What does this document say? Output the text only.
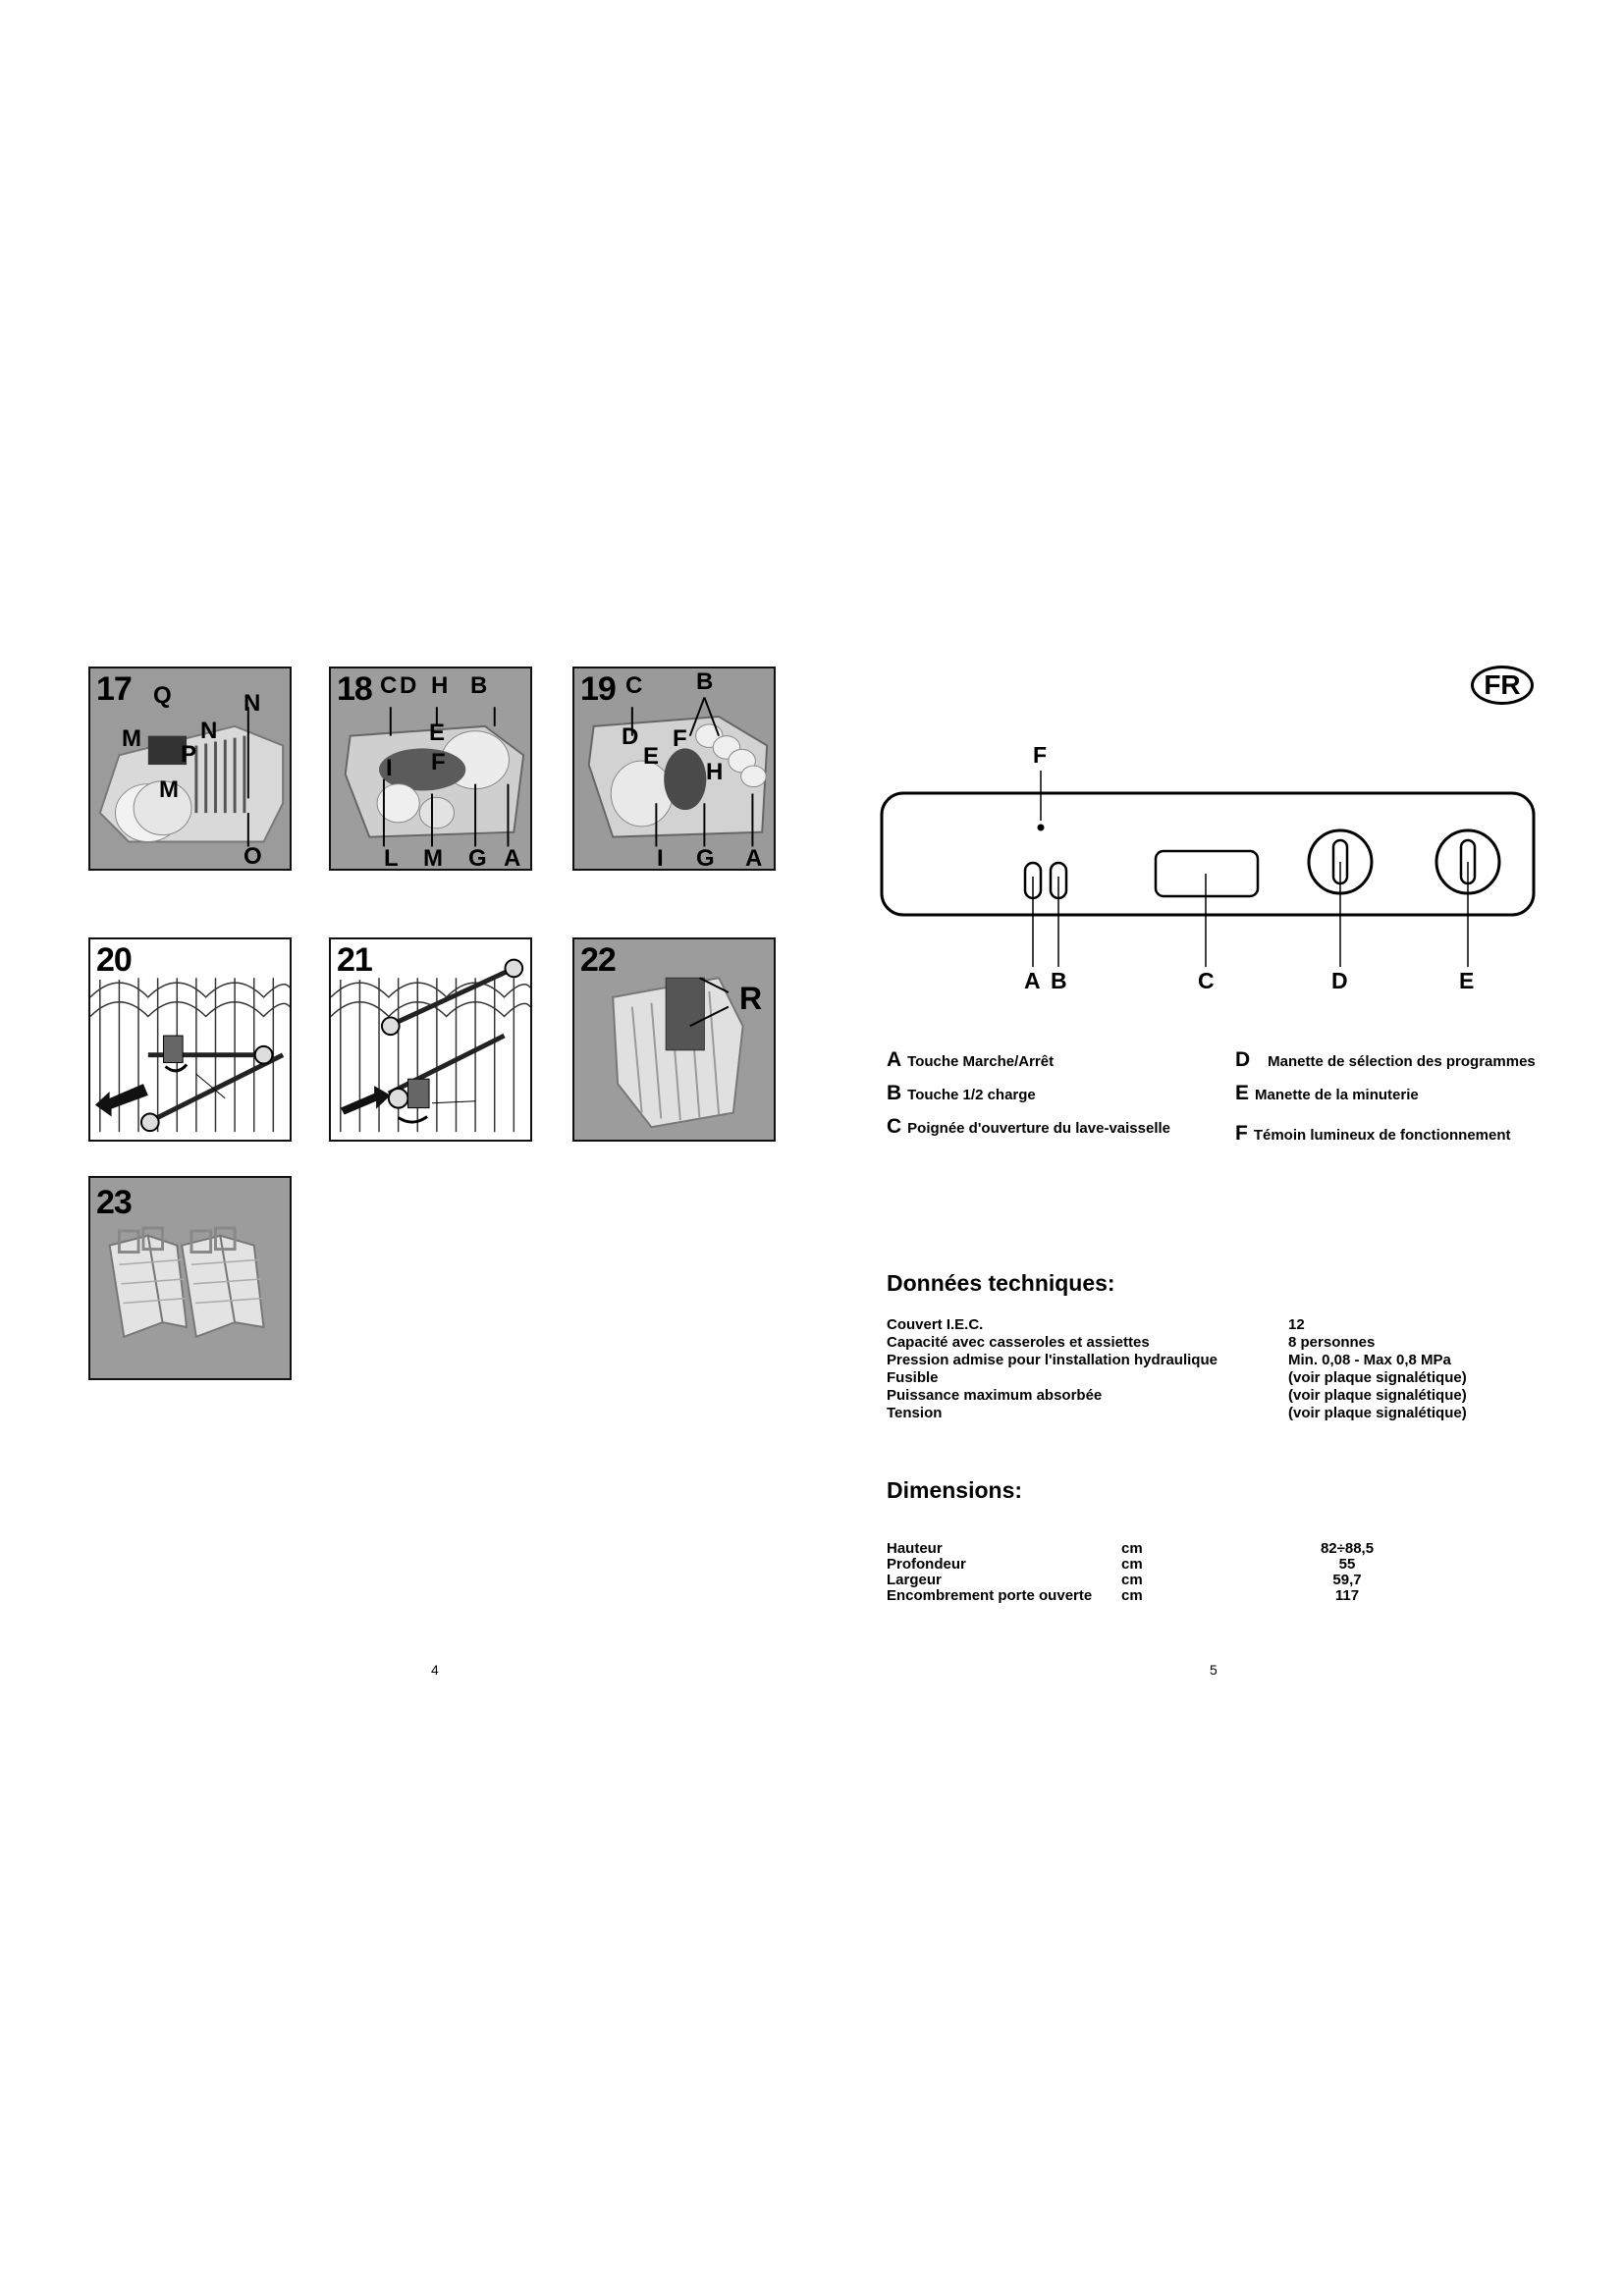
17 Q	N
M	N
P
M
O
18 C D H B
E
I F
L M G A
19 C B
D
E
F
H
I G A
20	21	22
R
23
4
FR
F
A B	C	D	E
A Touche Marche/Arrêt
B Touche 1/2 charge
C Poignée d'ouverture du lave-vaisselle
D Manette de sélection des programmes
E Manette de la minuterie
F Témoin lumineux de fonctionnement
Données techniques:
Couvert I.E.C.	12
Capacité avec casseroles et assiettes	8 personnes
Pression admise pour l'installation hydraulique	Min. 0,08 - Max 0,8 MPa
Fusible	(voir plaque signalétique)
Puissance maximum absorbée	(voir plaque signalétique)
Tension	(voir plaque signalétique)
Dimensions:
Hauteur	cm	82÷88,5
Profondeur	cm	55
Largeur	cm	59,7
Encombrement porte ouverte cm	117
5
